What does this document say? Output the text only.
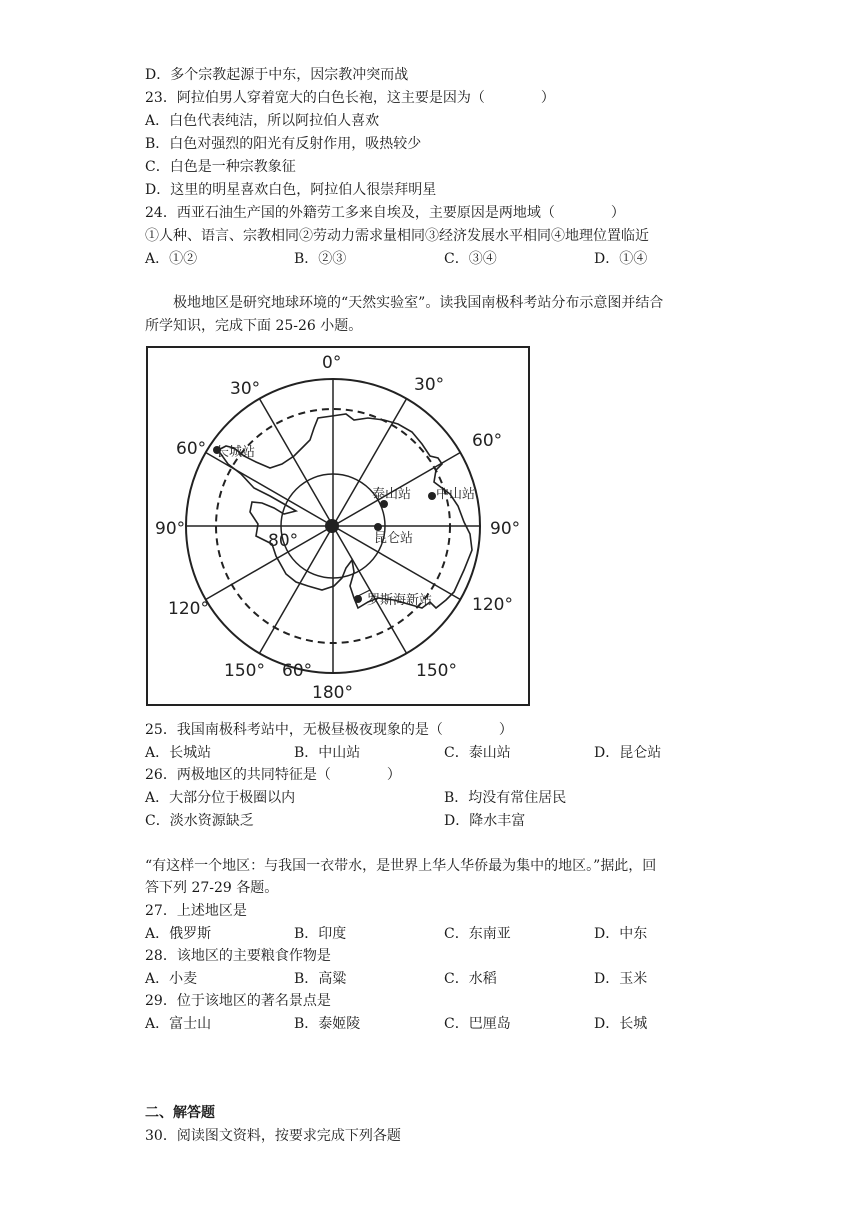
D．多个宗教起源于中东，因宗教冲突而战
23．阿拉伯男人穿着宽大的白色长袍，这主要是因为（　　　　）
A．白色代表纯洁，所以阿拉伯人喜欢
B．白色对强烈的阳光有反射作用，吸热较少
C．白色是一种宗教象征
D．这里的明星喜欢白色，阿拉伯人很崇拜明星
24．西亚石油生产国的外籍劳工多来自埃及，主要原因是两地域（　　　　）
①人种、语言、宗教相同②劳动力需求量相同③经济发展水平相同④地理位置临近
A．①②	B．②③	C．③④	D．①④
极地地区是研究地球环境的“天然实验室”。读我国南极科考站分布示意图并结合
所学知识，完成下面 25-26 小题。
0°
30°	30°
60°	60°
90°	90°
120°	120°
150°	150°
180°
60°
80°
长城站
中山站
泰山站
昆仑站
罗斯海新站
25．我国南极科考站中，无极昼极夜现象的是（　　　　）
A．长城站	B．中山站	C．泰山站	D．昆仑站
26．两极地区的共同特征是（　　　　）
A．大部分位于极圈以内	B．均没有常住居民
C．淡水资源缺乏	D．降水丰富
“有这样一个地区：与我国一衣带水，是世界上华人华侨最为集中的地区。”据此，回
答下列 27-29 各题。
27．上述地区是
A．俄罗斯	B．印度	C．东南亚	D．中东
28．该地区的主要粮食作物是
A．小麦	B．高粱	C．水稻	D．玉米
29．位于该地区的著名景点是
A．富士山	B．泰姬陵	C．巴厘岛	D．长城
二、解答题
30．阅读图文资料，按要求完成下列各题
